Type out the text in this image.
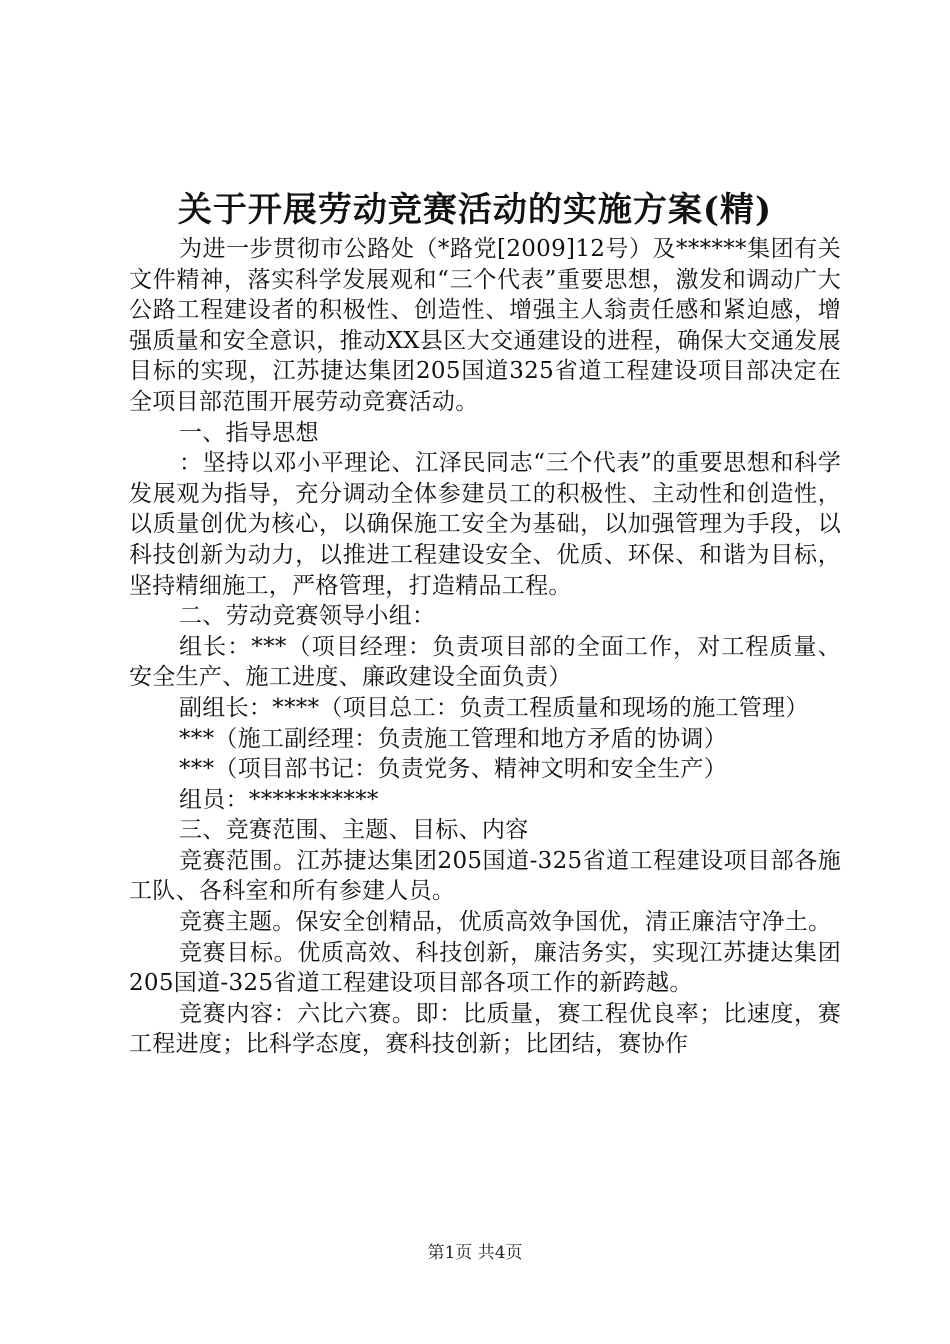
关于开展劳动竞赛活动的实施方案(精)

为进一步贯彻市公路处（*路党[2009]12号）及******集团有关文件精神，落实科学发展观和“三个代表”重要思想，激发和调动广大公路工程建设者的积极性、创造性、增强主人翁责任感和紧迫感，增强质量和安全意识，推动XX县区大交通建设的进程，确保大交通发展目标的实现，江苏捷达集团205国道325省道工程建设项目部决定在全项目部范围开展劳动竞赛活动。

一、指导思想

：坚持以邓小平理论、江泽民同志“三个代表”的重要思想和科学发展观为指导，充分调动全体参建员工的积极性、主动性和创造性，以质量创优为核心，以确保施工安全为基础，以加强管理为手段，以科技创新为动力，以推进工程建设安全、优质、环保、和谐为目标，坚持精细施工，严格管理，打造精品工程。

二、劳动竞赛领导小组：

组长：***（项目经理：负责项目部的全面工作，对工程质量、安全生产、施工进度、廉政建设全面负责）

副组长：****（项目总工：负责工程质量和现场的施工管理）

***（施工副经理：负责施工管理和地方矛盾的协调）

***（项目部书记：负责党务、精神文明和安全生产）

组员：***********

三、竞赛范围、主题、目标、内容

竞赛范围。江苏捷达集团205国道-325省道工程建设项目部各施工队、各科室和所有参建人员。

竞赛主题。保安全创精品，优质高效争国优，清正廉洁守净土。

竞赛目标。优质高效、科技创新，廉洁务实，实现江苏捷达集团205国道-325省道工程建设项目部各项工作的新跨越。

竞赛内容：六比六赛。即：比质量，赛工程优良率；比速度，赛工程进度；比科学态度，赛科技创新；比团结，赛协作

第1页 共4页
